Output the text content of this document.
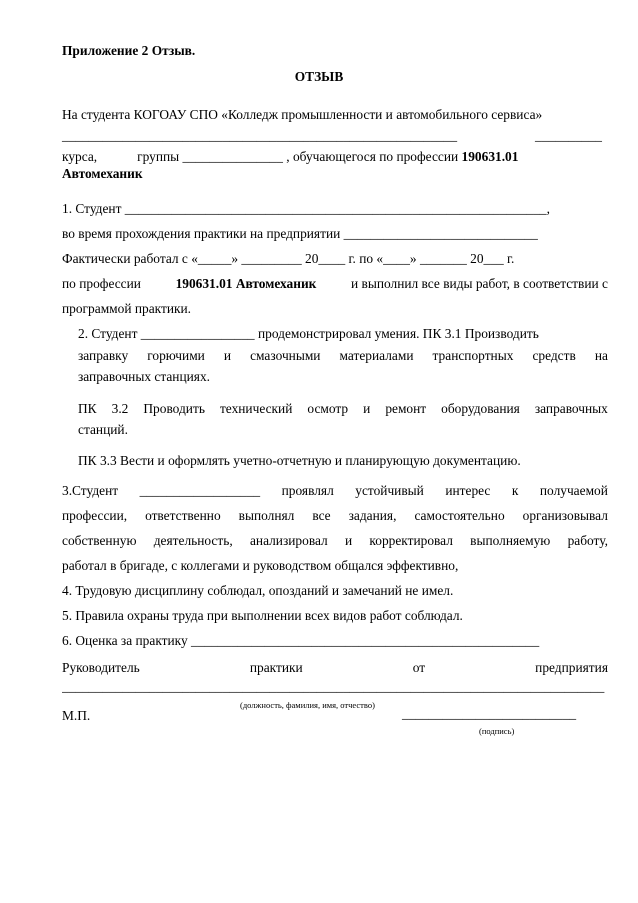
Приложение 2 Отзыв.
ОТЗЫВ
На студента КОГОАУ СПО «Колледж промышленности и автомобильного сервиса»
___________________________________________________________	__________
курса,	группы _______________ , обучающегося по профессии 190631.01
Автомеханик
1. Студент _______________________________________________________________,
во время прохождения практики на предприятии _____________________________
Фактически работал с «_____» _________ 20____ г. по «____» _______ 20___ г.
по профессии	190631.01 Автомеханик	и выполнил все виды работ, в соответствии с
программой практики.
2. Студент _________________ продемонстрировал умения. ПК 3.1 Производить
заправку горючими и смазочными материалами транспортных средств на
заправочных станциях.
ПК 3.2 Проводить технический осмотр и ремонт оборудования заправочных
станций.
ПК 3.3 Вести и оформлять учетно-отчетную и планирующую документацию.
3.Студент __________________ проявлял устойчивый интерес к получаемой
профессии, ответственно выполнял все задания, самостоятельно организовывал
собственную деятельность, анализировал и корректировал выполняемую работу,
работал в бригаде, с коллегами и руководством общался эффективно,
4. Трудовую дисциплину соблюдал, опозданий и замечаний не имел.
5. Правила охраны труда при выполнении всех видов работ соблюдал.
6. Оценка за практику ____________________________________________________
Руководитель	практики	от	предприятия
_________________________________________________________________________________
(должность, фамилия, имя, отчество)
М.П.	__________________________
(подпись)
